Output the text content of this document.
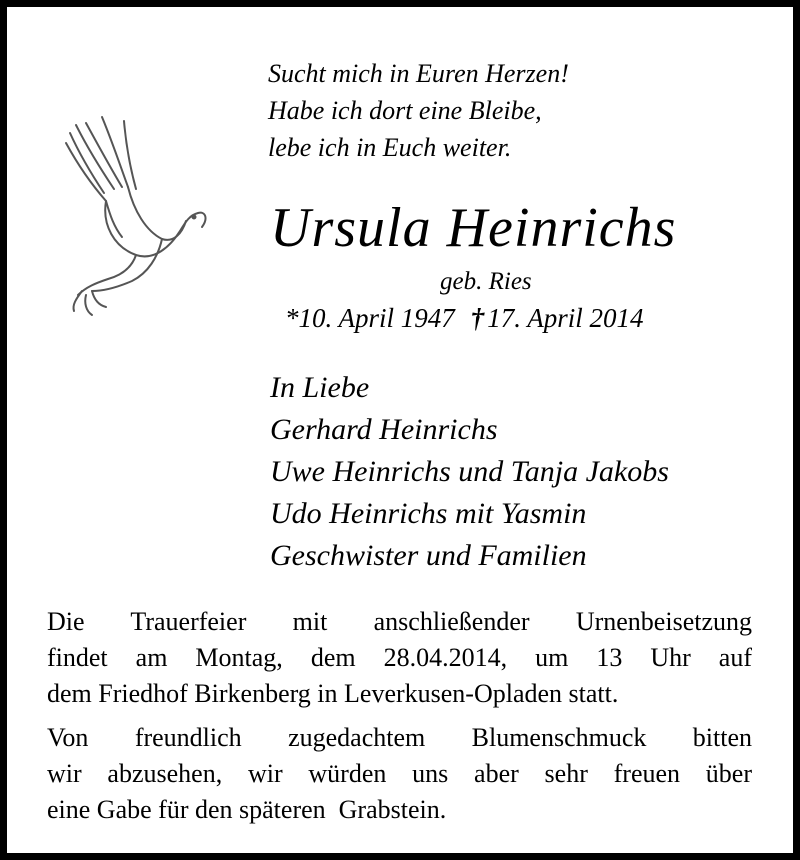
Sucht mich in Euren Herzen!
Habe ich dort eine Bleibe,
lebe ich in Euch weiter.
Ursula Heinrichs
geb. Ries
*10. April 1947 † 17. April 2014
In Liebe
Gerhard Heinrichs
Uwe Heinrichs und Tanja Jakobs
Udo Heinrichs mit Yasmin
Geschwister und Familien
Die Trauerfeier mit anschließender Urnenbeisetzung
findet am Montag, dem 28.04.2014, um 13 Uhr auf
dem Friedhof Birkenberg in Leverkusen-Opladen statt.
Von freundlich zugedachtem Blumenschmuck bitten
wir abzusehen, wir würden uns aber sehr freuen über
eine Gabe für den späteren  Grabstein.
